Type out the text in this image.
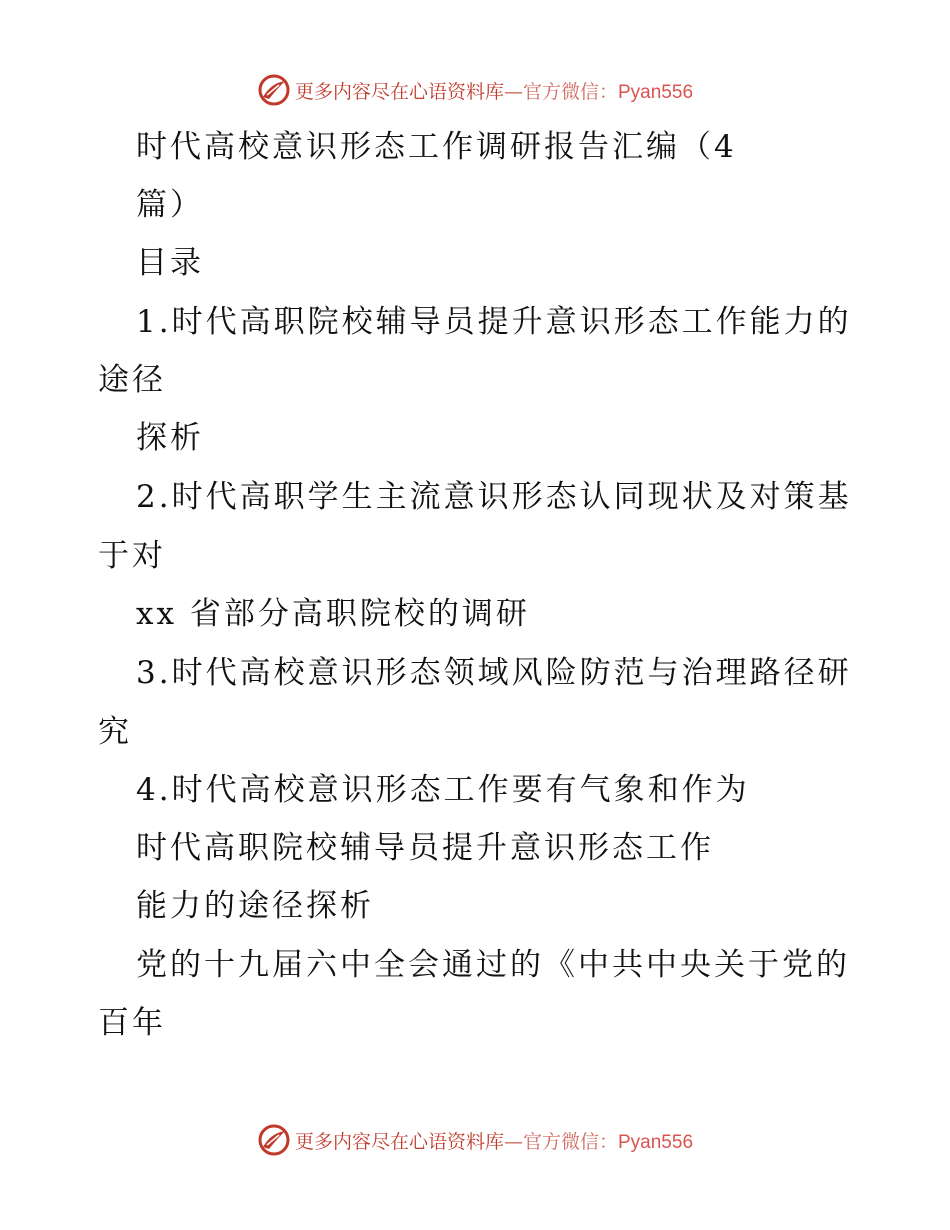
更多内容尽在心语资料库—官方微信：Pyan556
时代高校意识形态工作调研报告汇编（4
篇）
目录
1.时代高职院校辅导员提升意识形态工作能力的
途径
探析
2.时代高职学生主流意识形态认同现状及对策基
于对
xx 省部分高职院校的调研
3.时代高校意识形态领域风险防范与治理路径研
究
4.时代高校意识形态工作要有气象和作为
时代高职院校辅导员提升意识形态工作
能力的途径探析
党的十九届六中全会通过的《中共中央关于党的
百年
更多内容尽在心语资料库—官方微信：Pyan556
